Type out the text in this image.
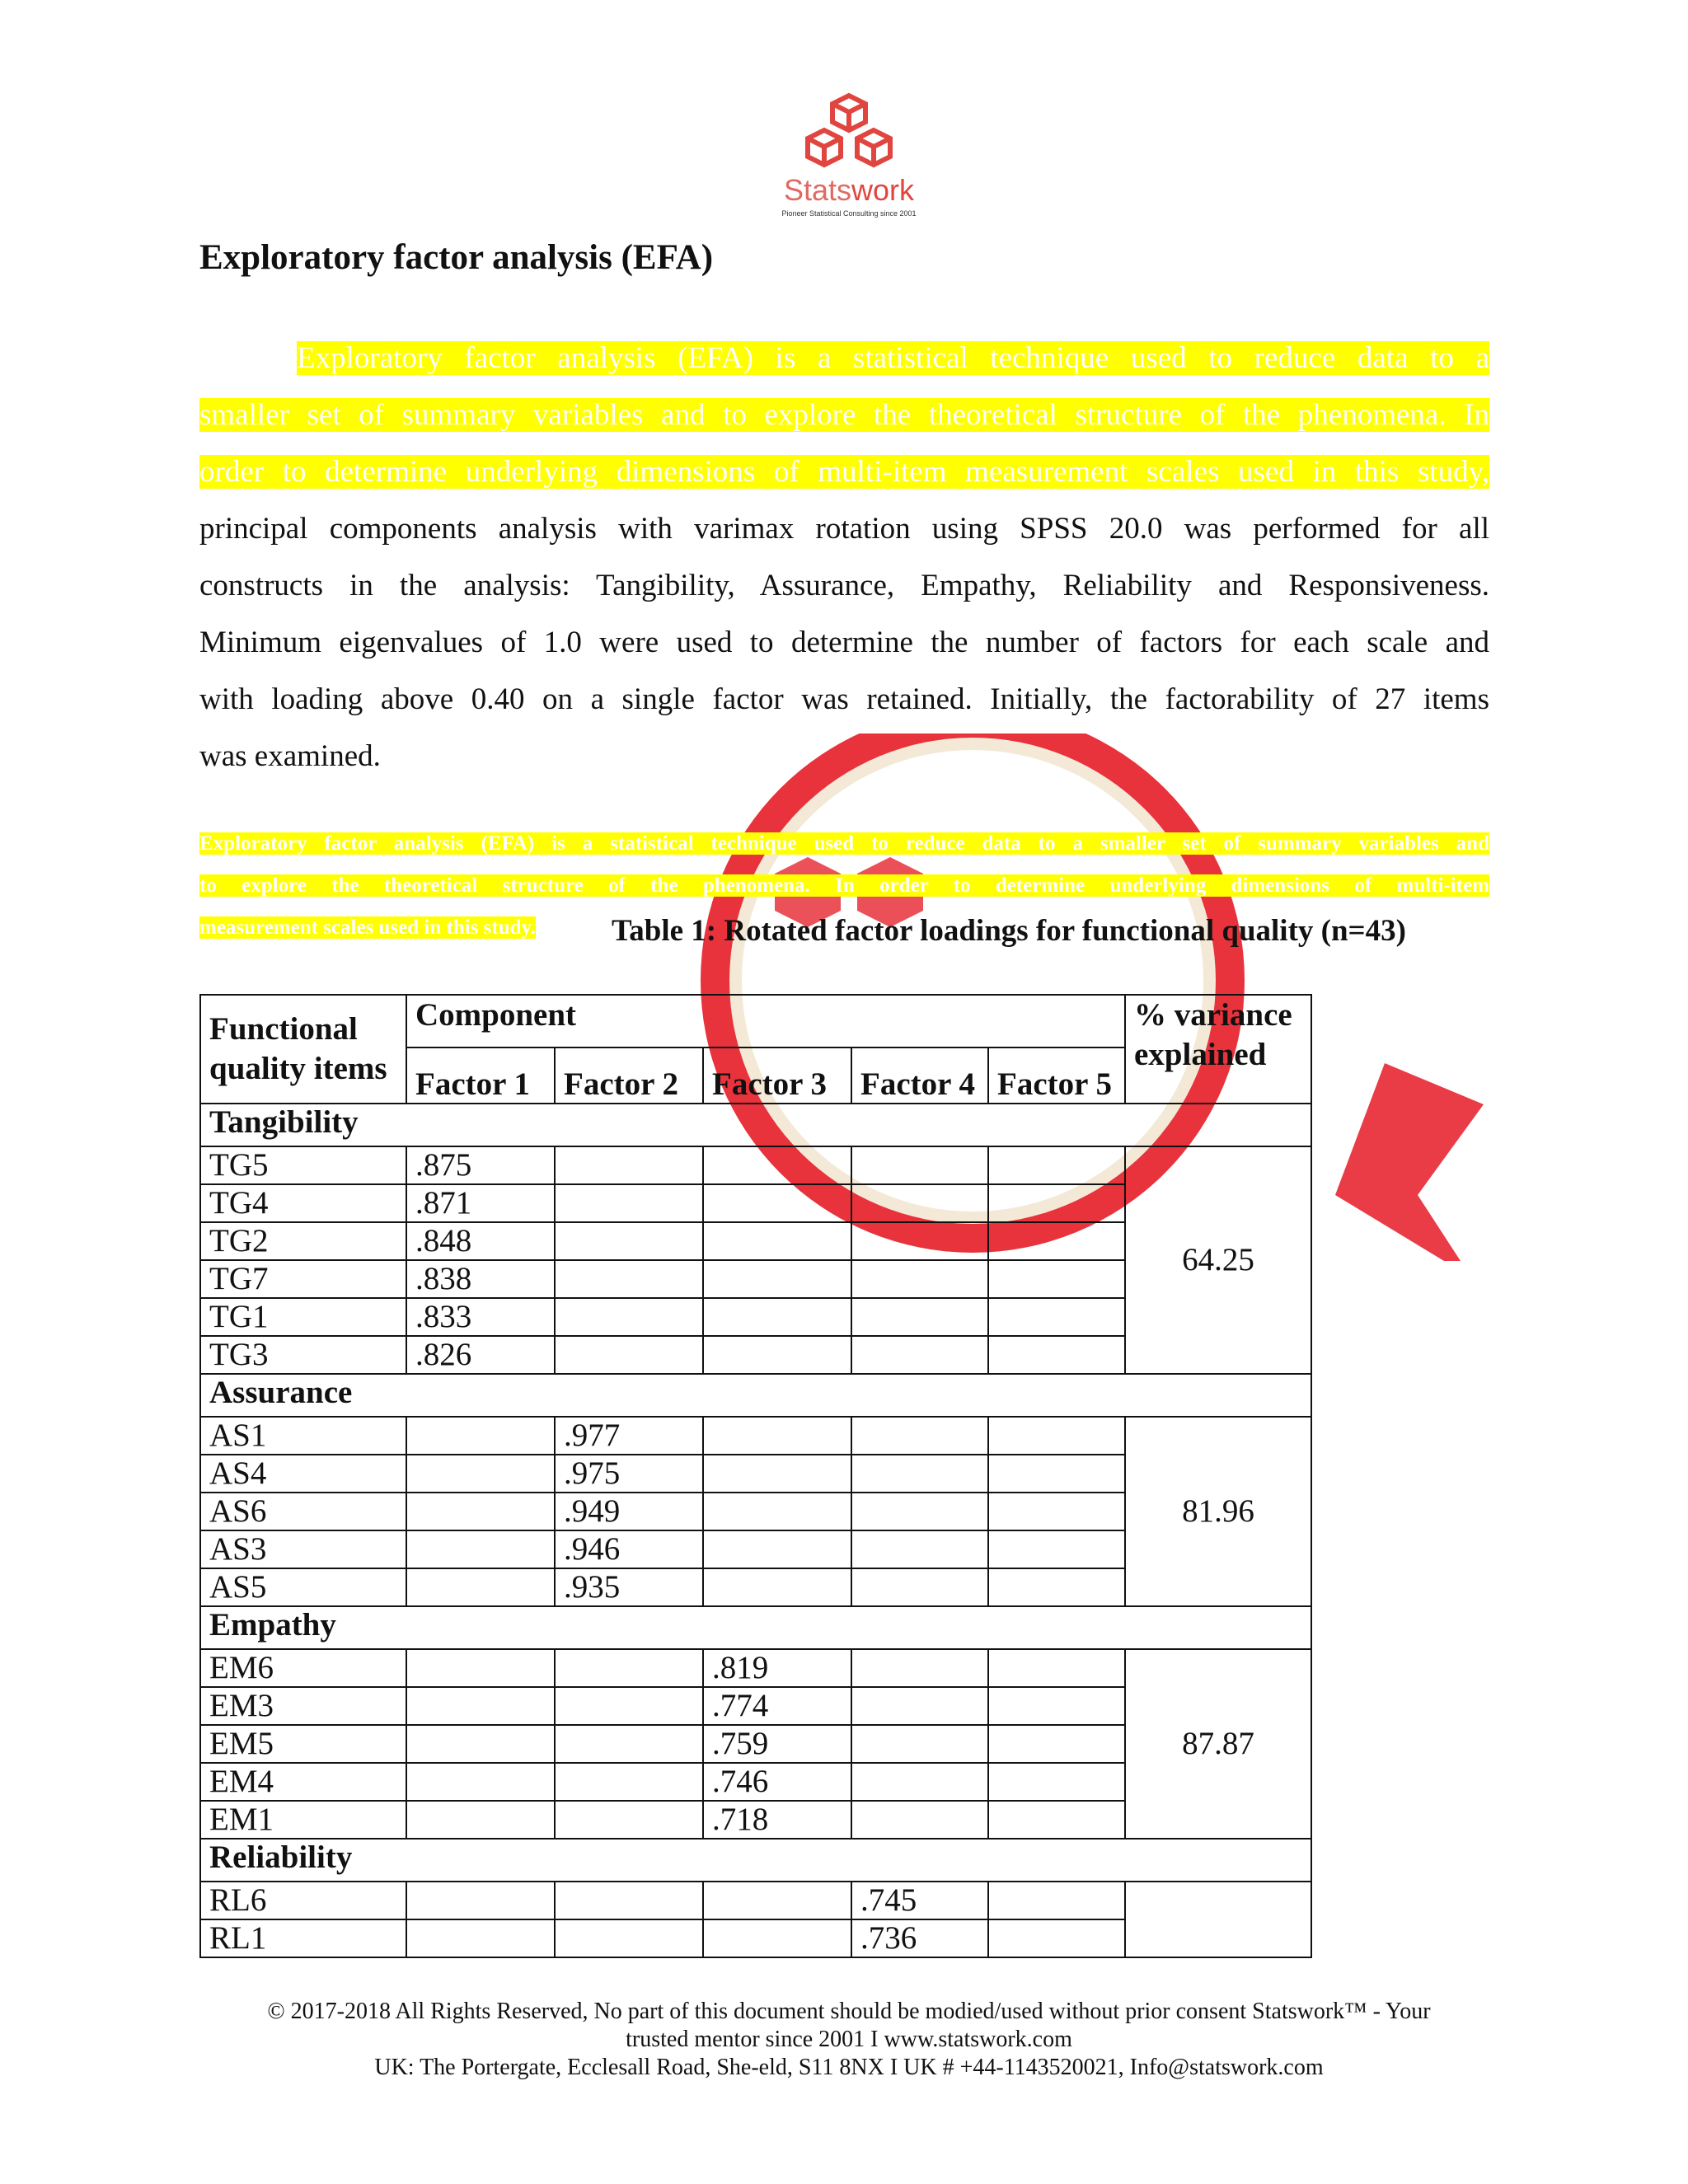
Statswork
Pioneer Statistical Consulting since 2001
Exploratory factor analysis (EFA)
Exploratory factor analysis (EFA) is a statistical technique used to reduce data to a
smaller set of summary variables and to explore the theoretical structure of the phenomena. In
order to determine underlying dimensions of multi-item measurement scales used in this study,
principal components analysis with varimax rotation using SPSS 20.0 was performed for all
constructs in the analysis: Tangibility, Assurance, Empathy, Reliability and Responsiveness.
Minimum eigenvalues of 1.0 were used to determine the number of factors for each scale and
with loading above 0.40 on a single factor was retained. Initially, the factorability of 27 items
was examined.
Exploratory factor analysis (EFA) is a statistical technique used to reduce data to a smaller set of summary variables and
to explore the theoretical structure of the phenomena. In order to determine underlying dimensions of multi-item
measurement scales used in this study.	Table 1: Rotated factor loadings for functional quality (n=43)
Functional quality items	Component					% variance explained
	Factor 1	Factor 2	Factor 3	Factor 4	Factor 5	
Tangibility						
TG5	.875					64.25
TG4	.871					
TG2	.848					
TG7	.838					
TG1	.833					
TG3	.826					
Assurance						
AS1		.977				81.96
AS4		.975				
AS6		.949				
AS3		.946				
AS5		.935				
Empathy						
EM6			.819			87.87
EM3			.774			
EM5			.759			
EM4			.746			
EM1			.718			
Reliability						
RL6				.745		
RL1				.736		
© 2017-2018 All Rights Reserved, No part of this document should be modied/used without prior consent Statswork™ - Your
trusted mentor since 2001 I www.statswork.com
UK: The Portergate, Ecclesall Road, She-eld, S11 8NX I UK # +44-1143520021, Info@statswork.com
